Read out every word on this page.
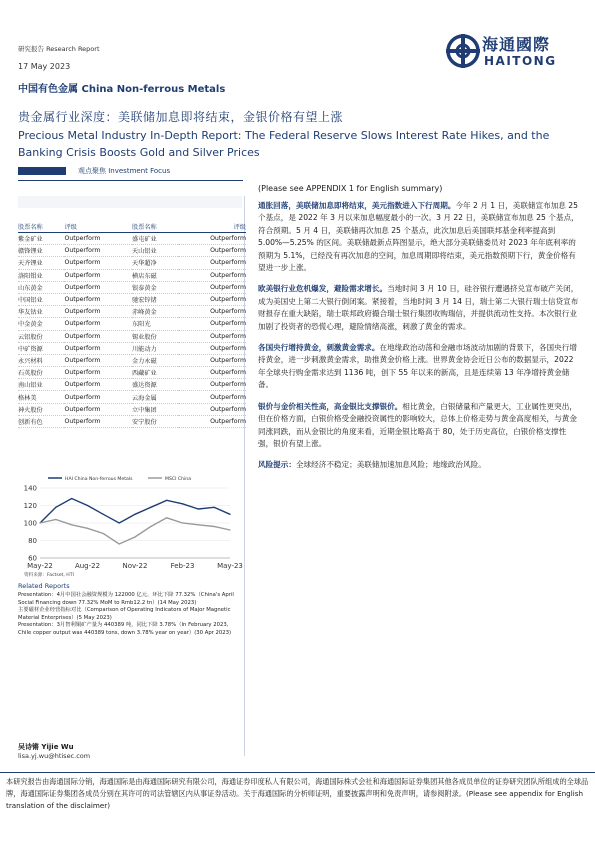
研究报告 Research Report
17 May 2023
中国有色金属 China Non-ferrous Metals
海通國際
HAITONG
贵金属行业深度：美联储加息即将结束，金银价格有望上涨
Precious Metal Industry In-Depth Report: The Federal Reserve Slows Interest Rate Hikes, and the Banking Crisis Boosts Gold and Silver Prices
观点聚焦 Investment Focus
(Please see APPENDIX 1 for English summary)
股票名称	评级	股票名称	评级
紫金矿业	Outperform	盛屯矿业	Outperform
赣锋锂业	Outperform	天山铝业	Outperform
天齐锂业	Outperform	天华超净	Outperform
洛阳钼业	Outperform	横店东磁	Outperform
山东黄金	Outperform	银泰黄金	Outperform
中国铝业	Outperform	驰宏锌锗	Outperform
华友钴业	Outperform	赤峰黄金	Outperform
中金黄金	Outperform	东阳光	Outperform
云铝股份	Outperform	锡业股份	Outperform
中矿资源	Outperform	川能动力	Outperform
永兴材料	Outperform	金力永磁	Outperform
石英股份	Outperform	西藏矿业	Outperform
南山铝业	Outperform	盛达资源	Outperform
格林美	Outperform	云海金属	Outperform
神火股份	Outperform	立中集团	Outperform
创新有色	Outperform	安宁股份	Outperform
HAI China Non-ferrous Metals	MSCI China
60
80
100
120
140
May-22	Aug-22	Nov-22	Feb-23	May-23
资料来源：Factset, HTI
Related Reports

Presentation：4月中国社会融资规模为 122000 亿元，环比下降 77.32%（China's April Social Financing down 77.32% MoM to Rmb12.2 tn）(14 May 2023)

主要磁材企业经营指标对比（Comparison of Operating Indicators of Major Magnetic Material Enterprises）(5 May 2023)

Presentation：3月智利铜矿产量为 440389 吨，同比下降 3.78%（In February 2023, Chile copper output was 440389 tons, down 3.78% year on year）(30 Apr 2023)

吴诗锵 Yijie Wu
lisa.yj.wu@htisec.com

通胀回落，美联储加息即将结束，美元指数进入下行周期。今年 2 月 1 日，美联储宣布加息 25 个基点，是 2022 年 3 月以来加息幅度最小的一次。3 月 22 日，美联储宣布加息 25 个基点，符合预期。5 月 4 日，美联储再次加息 25 个基点，此次加息后美国联邦基金利率提高到 5.00%—5.25% 的区间。美联储最新点阵图显示，绝大部分美联储委员对 2023 年年底利率的预期为 5.1%，已经没有再次加息的空间，加息周期即将结束，美元指数预期下行，黄金价格有望进一步上涨。

欧美银行业危机爆发，避险需求增长。当地时间 3 月 10 日，硅谷银行遭遇挤兑宣布破产关闭，成为美国史上第二大银行倒闭案。紧接着，当地时间 3 月 14 日，瑞士第二大银行瑞士信贷宣布财报存在重大缺陷，瑞士联邦政府撮合瑞士银行集团收购瑞信，并提供流动性支持。本次银行业加剧了投资者的恐慌心理，避险情绪高涨，刺激了黄金的需求。

各国央行增持黄金，刺激黄金需求。在地缘政治动荡和金融市场波动加剧的背景下，各国央行增持黄金，进一步刺激黄金需求，助推黄金价格上涨。世界黄金协会近日公布的数据显示，2022 年全球央行购金需求达到 1136 吨，创下 55 年以来的新高，且是连续第 13 年净增持黄金储备。

银价与金价相关性高，高金银比支撑银价。相比黄金，白银储量和产量更大，工业属性更突出，但在价格方面，白银价格受金融投资属性的影响较大，总体上价格走势与黄金高度相关，与黄金同涨同跌，而从金银比的角度来看，近期金银比略高于 80，处于历史高位，白银价格支撑性强，银价有望上涨。

风险提示：全球经济不稳定；美联储加速加息风险；地缘政治风险。

本研究报告由海通国际分销，海通国际是由海通国际研究有限公司，海通证券印度私人有限公司，海通国际株式会社和海通国际证券集团其他各成员单位的证券研究团队所组成的全球品牌，海通国际证券集团各成员分别在其许可的司法管辖区内从事证券活动。关于海通国际的分析师证明，重要披露声明和免责声明，请参阅附录。(Please see appendix for English translation of the disclaimer)
